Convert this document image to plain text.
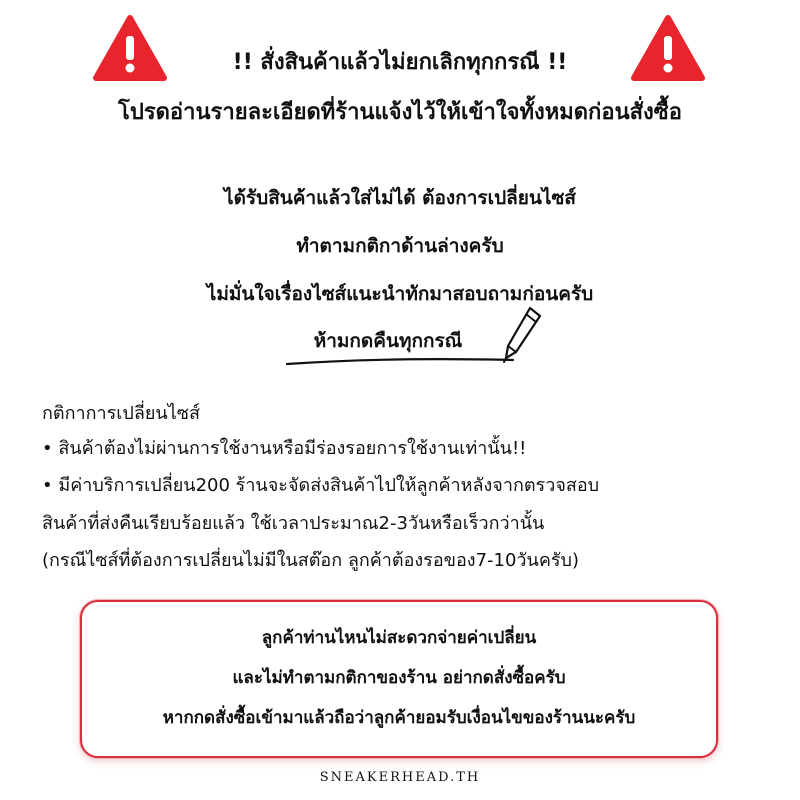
!! สั่งสินค้าแล้วไม่ยกเลิกทุกกรณี !!
โปรดอ่านรายละเอียดที่ร้านแจ้งไว้ให้เข้าใจทั้งหมดก่อนสั่งซื้อ
ได้รับสินค้าแล้วใส่ไม่ได้ ต้องการเปลี่ยนไซส์
ทำตามกติกาด้านล่างครับ
ไม่มั่นใจเรื่องไซส์แนะนำทักมาสอบถามก่อนครับ
ห้ามกดคืนทุกกรณี
กติกาการเปลี่ยนไซส์
• สินค้าต้องไม่ผ่านการใช้งานหรือมีร่องรอยการใช้งานเท่านั้น!!
• มีค่าบริการเปลี่ยน200 ร้านจะจัดส่งสินค้าไปให้ลูกค้าหลังจากตรวจสอบ
สินค้าที่ส่งคืนเรียบร้อยแล้ว ใช้เวลาประมาณ2-3วันหรือเร็วกว่านั้น
(กรณีไซส์ที่ต้องการเปลี่ยนไม่มีในสต๊อก ลูกค้าต้องรอของ7-10วันครับ)
ลูกค้าท่านไหนไม่สะดวกจ่ายค่าเปลี่ยน
และไม่ทำตามกติกาของร้าน อย่ากดสั่งซื้อครับ
หากกดสั่งซื้อเข้ามาแล้วถือว่าลูกค้ายอมรับเงื่อนไขของร้านนะครับ
SNEAKERHEAD.TH
